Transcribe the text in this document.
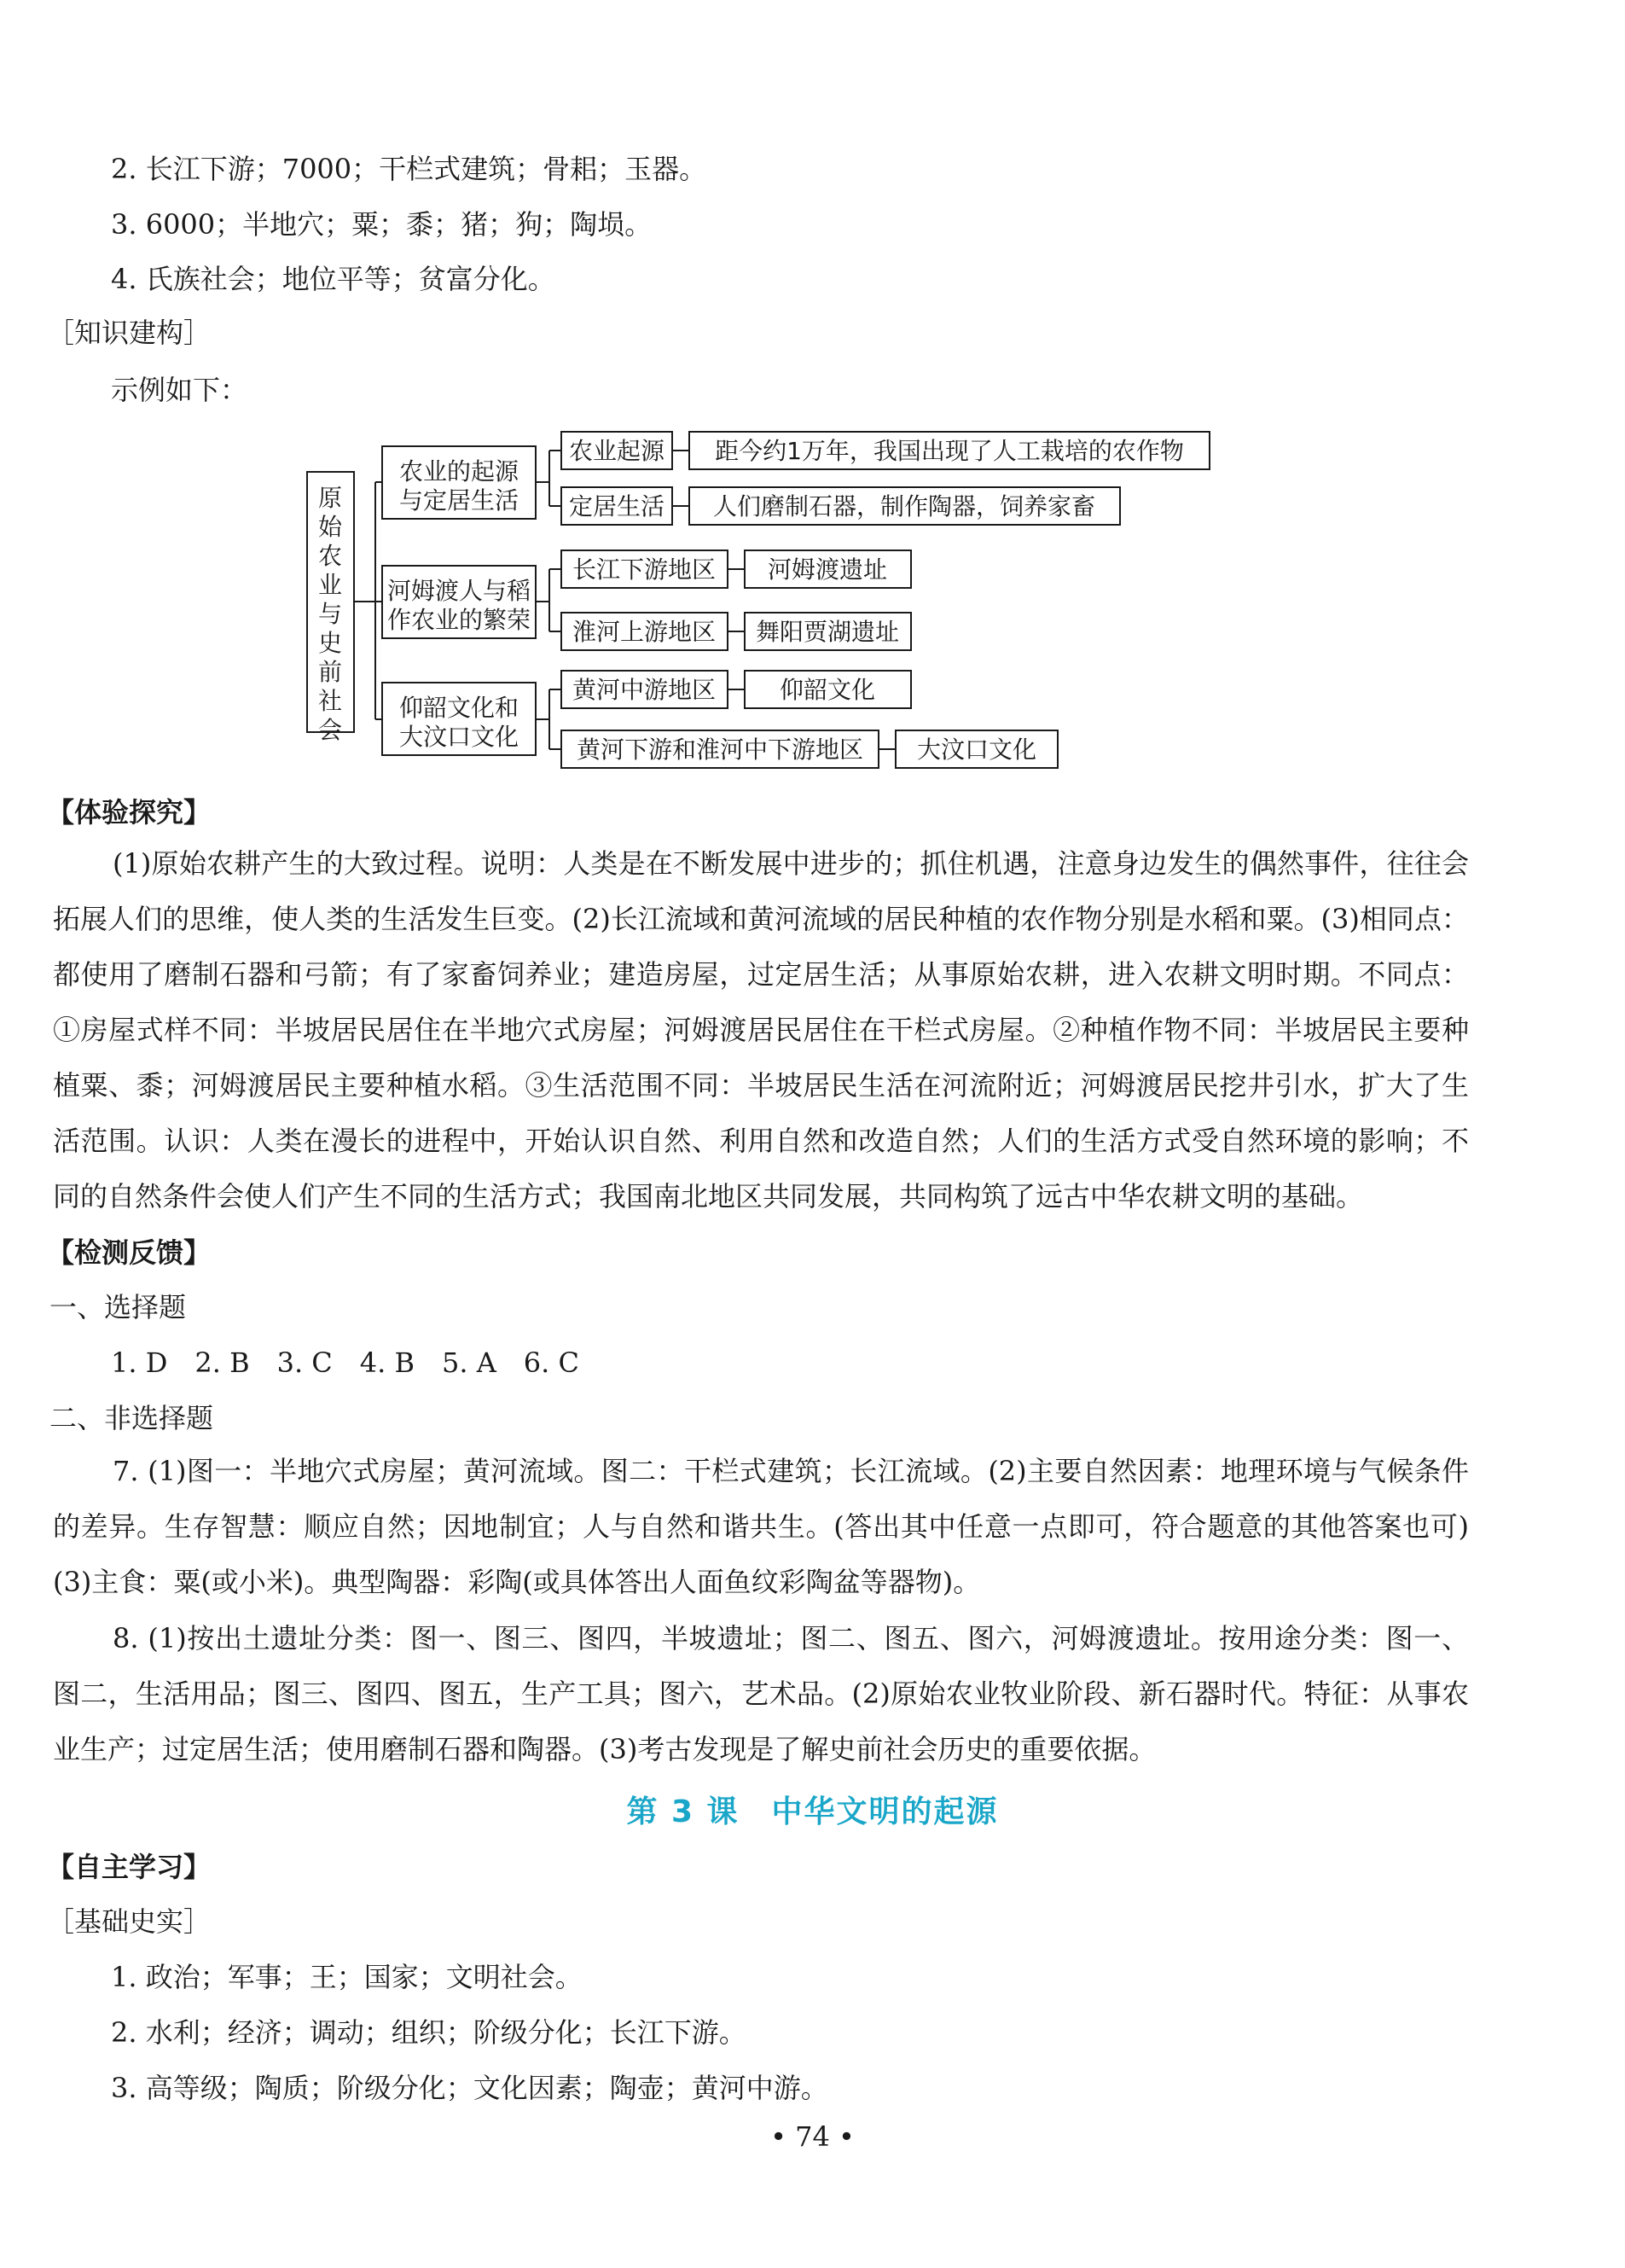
2. 长江下游；7000；干栏式建筑；骨耜；玉器。
3. 6000；半地穴；粟；黍；猪；狗；陶埙。
4. 氏族社会；地位平等；贫富分化。
［知识建构］
示例如下：
原
始
农
业
与
史
前
社
会
农业的起源
与定居生活
河姆渡人与稻
作农业的繁荣
仰韶文化和
大汶口文化
农业起源
定居生活
距今约1万年，我国出现了人工栽培的农作物
人们磨制石器，制作陶器，饲养家畜
长江下游地区
淮河上游地区
河姆渡遗址
舞阳贾湖遗址
黄河中游地区
黄河下游和淮河中下游地区
仰韶文化
大汶口文化
【体验探究】
(1)原始农耕产生的大致过程。说明：人类是在不断发展中进步的；抓住机遇，注意身边发生的偶然事件，往往会拓展人们的思维，使人类的生活发生巨变。(2)长江流域和黄河流域的居民种植的农作物分别是水稻和粟。(3)相同点：都使用了磨制石器和弓箭；有了家畜饲养业；建造房屋，过定居生活；从事原始农耕，进入农耕文明时期。不同点：①房屋式样不同：半坡居民居住在半地穴式房屋；河姆渡居民居住在干栏式房屋。②种植作物不同：半坡居民主要种植粟、黍；河姆渡居民主要种植水稻。③生活范围不同：半坡居民生活在河流附近；河姆渡居民挖井引水，扩大了生活范围。认识：人类在漫长的进程中，开始认识自然、利用自然和改造自然；人们的生活方式受自然环境的影响；不同的自然条件会使人们产生不同的生活方式；我国南北地区共同发展，共同构筑了远古中华农耕文明的基础。
【检测反馈】
一、选择题
1. D　2. B　3. C　4. B　5. A　6. C
二、非选择题
7. (1)图一：半地穴式房屋；黄河流域。图二：干栏式建筑；长江流域。(2)主要自然因素：地理环境与气候条件的差异。生存智慧：顺应自然；因地制宜；人与自然和谐共生。(答出其中任意一点即可，符合题意的其他答案也可)(3)主食：粟(或小米)。典型陶器：彩陶(或具体答出人面鱼纹彩陶盆等器物)。
8. (1)按出土遗址分类：图一、图三、图四，半坡遗址；图二、图五、图六，河姆渡遗址。按用途分类：图一、图二，生活用品；图三、图四、图五，生产工具；图六，艺术品。(2)原始农业牧业阶段、新石器时代。特征：从事农业生产；过定居生活；使用磨制石器和陶器。(3)考古发现是了解史前社会历史的重要依据。
第 3 课　中华文明的起源
【自主学习】
［基础史实］
1. 政治；军事；王；国家；文明社会。
2. 水利；经济；调动；组织；阶级分化；长江下游。
3. 高等级；陶质；阶级分化；文化因素；陶壶；黄河中游。
• 74 •
